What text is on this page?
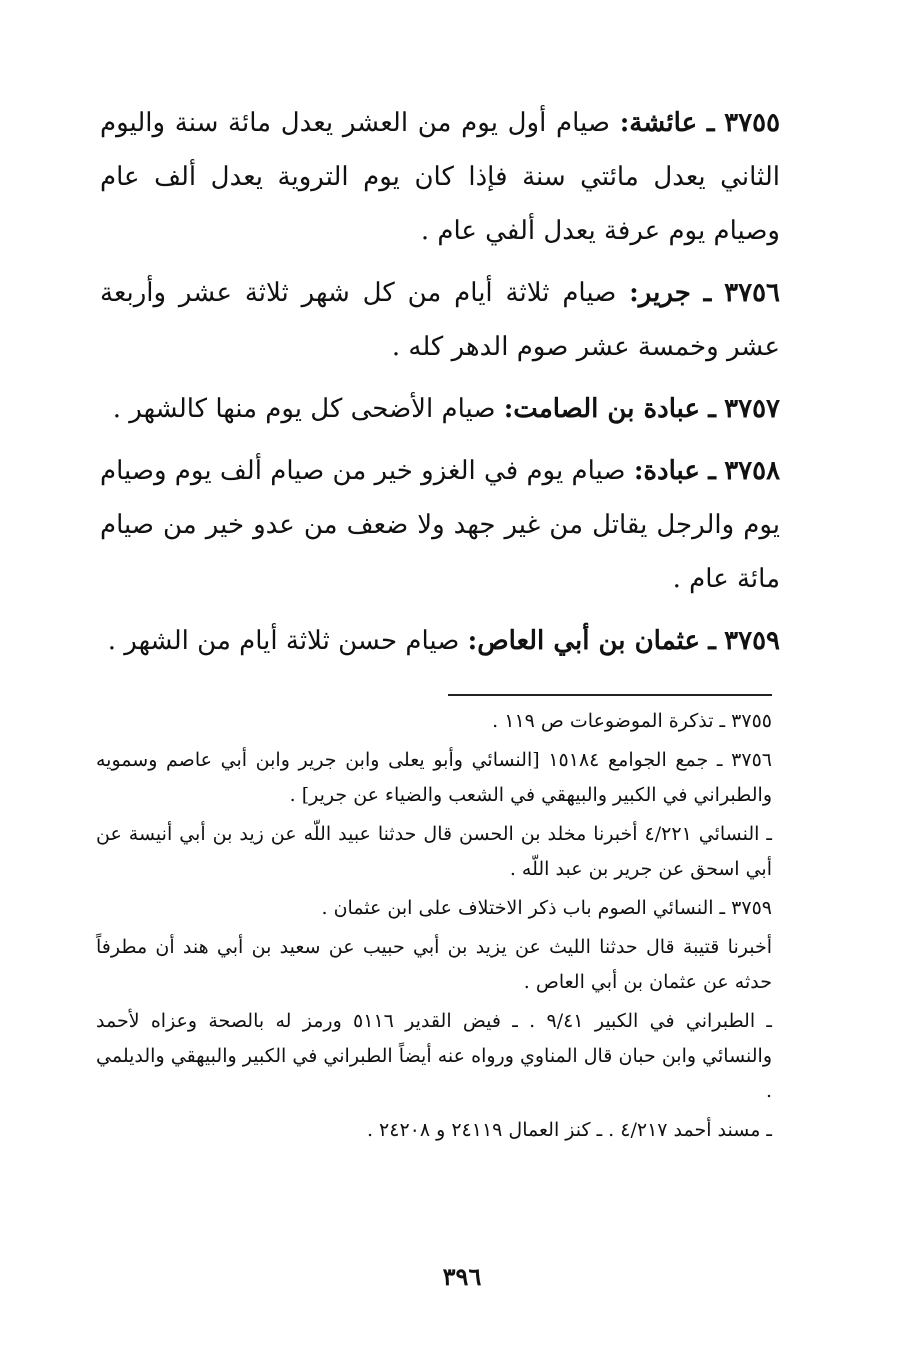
٣٧٥٥ ـ عائشة: صيام أول يوم من العشر يعدل مائة سنة واليوم الثاني يعدل مائتي سنة فإذا كان يوم التروية يعدل ألف عام وصيام يوم عرفة يعدل ألفي عام .

٣٧٥٦ ـ جرير: صيام ثلاثة أيام من كل شهر ثلاثة عشر وأربعة عشر وخمسة عشر صوم الدهر كله .

٣٧٥٧ ـ عبادة بن الصامت: صيام الأضحى كل يوم منها كالشهر .

٣٧٥٨ ـ عبادة: صيام يوم في الغزو خير من صيام ألف يوم وصيام يوم والرجل يقاتل من غير جهد ولا ضعف من عدو خير من صيام مائة عام .

٣٧٥٩ ـ عثمان بن أبي العاص: صيام حسن ثلاثة أيام من الشهر .

٣٧٥٥ ـ تذكرة الموضوعات ص ١١٩ .

٣٧٥٦ ـ جمع الجوامع ١٥١٨٤ [النسائي وأبو يعلى وابن جرير وابن أبي عاصم وسمويه والطبراني في الكبير والبيهقي في الشعب والضياء عن جرير] .

ـ النسائي ٤/٢٢١ أخبرنا مخلد بن الحسن قال حدثنا عبيد اللّه عن زيد بن أبي أنيسة عن أبي اسحق عن جرير بن عبد اللّه .

٣٧٥٩ ـ النسائي الصوم باب ذكر الاختلاف على ابن عثمان .

أخبرنا قتيبة قال حدثنا الليث عن يزيد بن أبي حبيب عن سعيد بن أبي هند أن مطرفاً حدثه عن عثمان بن أبي العاص .

ـ الطبراني في الكبير ٩/٤١ . ـ فيض القدير ٥١١٦ ورمز له بالصحة وعزاه لأحمد والنسائي وابن حبان قال المناوي ورواه عنه أيضاً الطبراني في الكبير والبيهقي والديلمي .

ـ مسند أحمد ٤/٢١٧ . ـ كنز العمال ٢٤١١٩ و ٢٤٢٠٨ .

٣٩٦
